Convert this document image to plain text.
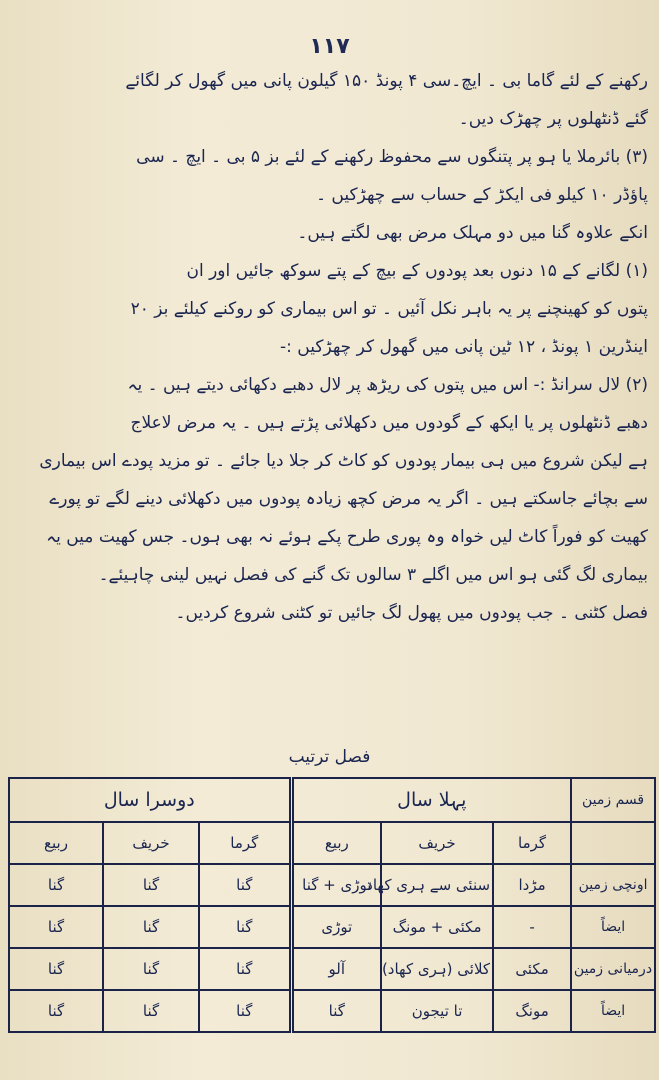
۱۱۷
رکھنے کے لئے گاما بی ۔ ایچ۔سی ۴ پونڈ ۱۵۰ گیلون پانی میں گھول کر لگائے
گئے ڈنٹھلوں پر چھڑک دیں۔
(۳) بائرملا یا ہو پر پتنگوں سے محفوظ رکھنے کے لئے بز ۵ بی ۔ ایچ ۔ سی
پاؤڈر ۱۰ کیلو فی ایکڑ کے حساب سے چھڑکیں ۔
انکے علاوہ گنا میں دو مہلک مرض بھی لگتے ہیں۔
(۱) لگانے کے ۱۵ دنوں بعد پودوں کے بیچ کے پتے سوکھ جائیں اور ان
پتوں کو کھینچنے پر یہ باہر نکل آئیں ۔ تو اس بیماری کو روکنے کیلئے بز ۲۰
اینڈرین ۱ پونڈ ، ۱۲ ٹین پانی میں گھول کر چھڑکیں :-
(۲) لال سرانڈ :- اس میں پتوں کی ریڑھ پر لال دھبے دکھائی دیتے ہیں ۔ یہ
دھبے ڈنٹھلوں پر یا ایکھ کے گودوں میں دکھلائی پڑتے ہیں ۔ یہ مرض لاعلاج
ہے لیکن شروع میں ہی بیمار پودوں کو کاٹ کر جلا دیا جائے ۔ تو مزید پودے اس بیماری
سے بچائے جاسکتے ہیں ۔ اگر یہ مرض کچھ زیادہ پودوں میں دکھلائی دینے لگے تو پورے
کھیت کو فوراً کاٹ لیں خواہ وہ پوری طرح پکے ہوئے نہ بھی ہوں۔ جس کھیت میں یہ
بیماری لگ گئی ہو اس میں اگلے ۳ سالوں تک گنے کی فصل نہیں لینی چاہیئے۔
فصل کٹنی ۔ جب پودوں میں پھول لگ جائیں تو کٹنی شروع کردیں۔
فصل ترتیب
قسم زمین	پہلا سال			دوسرا سال		
	گرما	خریف	ربیع	گرما	خریف	ربیع
اونچی زمین	مڑدا	سنئی سے ہری کھاد	توڑی + گنا	گنا	گنا	گنا
ایضاً	-	مکئی + مونگ	توڑی	گنا	گنا	گنا
درمیانی زمین	مکئی	کلائی (ہری کھاد)	آلو	گنا	گنا	گنا
ایضاً	مونگ	تا تیجون	گنا	گنا	گنا	گنا
